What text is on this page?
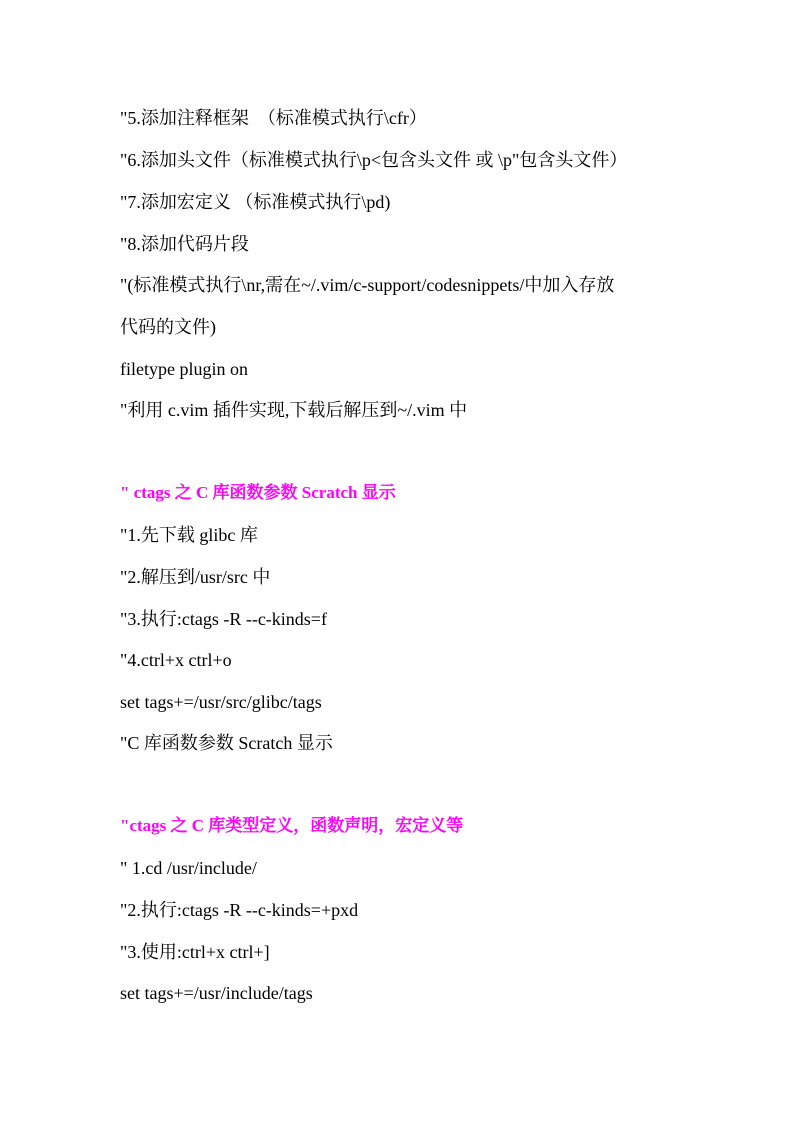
"5.添加注释框架  （标准模式执行\cfr）
"6.添加头文件（标准模式执行\p<包含头文件 或 \p"包含头文件）
"7.添加宏定义 （标准模式执行\pd)
"8.添加代码片段
"(标准模式执行\nr,需在~/.vim/c-support/codesnippets/中加入存放
代码的文件)
filetype plugin on
"利用 c.vim 插件实现,下载后解压到~/.vim 中
" ctags 之 C 库函数参数 Scratch 显示
"1.先下载 glibc 库
"2.解压到/usr/src 中
"3.执行:ctags -R --c-kinds=f
"4.ctrl+x ctrl+o
set tags+=/usr/src/glibc/tags
"C 库函数参数 Scratch 显示
"ctags 之 C 库类型定义，函数声明，宏定义等
" 1.cd /usr/include/
"2.执行:ctags -R --c-kinds=+pxd
"3.使用:ctrl+x ctrl+]
set tags+=/usr/include/tags
